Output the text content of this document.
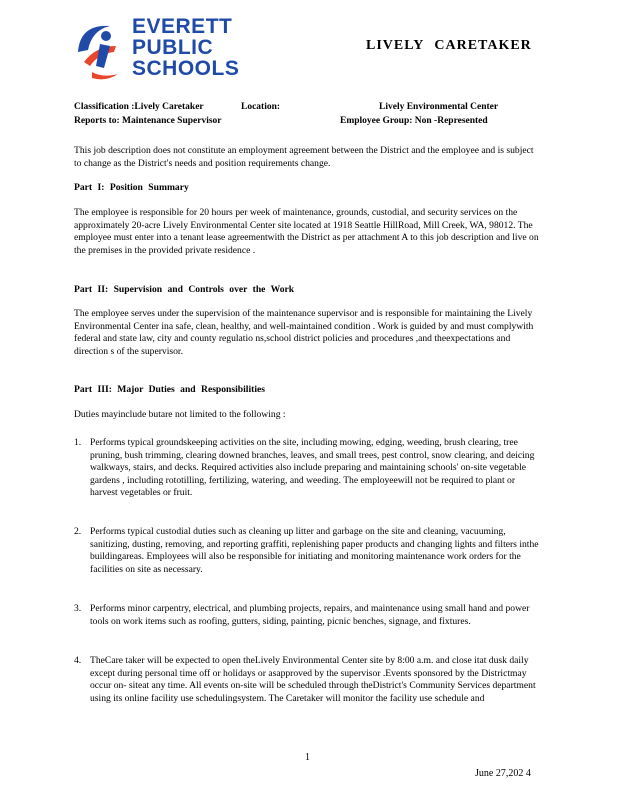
EVERETT
PUBLIC
SCHOOLS
LIVELY CARETAKER
Classification :Lively Caretaker	Location:	Lively Environmental Center
Reports to: Maintenance Supervisor	Employee Group: Non -Represented
This job description does not constitute an employment agreement between the District and the employee and is subject to change as the District's needs and position requirements change.
Part I: Position Summary
The employee is responsible for 20 hours per week of maintenance, grounds, custodial, and security services on the approximately 20-acre Lively Environmental Center site located at 1918 Seattle HillRoad, Mill Creek, WA, 98012. The employee must enter into a tenant lease agreementwith the District as per attachment A to this job description and live on the premises in the provided private residence .
Part II: Supervision and Controls over the Work
The employee serves under the supervision of the maintenance supervisor and is responsible for maintaining the Lively Environmental Center ina safe, clean, healthy, and well-maintained condition . Work is guided by and must complywith federal and state law, city and county regulatio ns,school district policies and procedures ,and theexpectations and direction s of the supervisor.
Part III: Major Duties and Responsibilities
Duties mayinclude butare not limited to the following :
1. Performs typical groundskeeping activities on the site, including mowing, edging, weeding, brush clearing, tree pruning, bush trimming, clearing downed branches, leaves, and small trees, pest control, snow clearing, and deicing walkways, stairs, and decks. Required activities also include preparing and maintaining schools' on-site vegetable gardens , including rototilling, fertilizing, watering, and weeding. The employeewill not be required to plant or harvest vegetables or fruit.
2. Performs typical custodial duties such as cleaning up litter and garbage on the site and cleaning, vacuuming, sanitizing, dusting, removing, and reporting graffiti, replenishing paper products and changing lights and filters inthe buildingareas. Employees will also be responsible for initiating and monitoring maintenance work orders for the facilities on site as necessary.
3. Performs minor carpentry, electrical, and plumbing projects, repairs, and maintenance using small hand and power tools on work items such as roofing, gutters, siding, painting, picnic benches, signage, and fixtures.
4. TheCare taker will be expected to open theLively Environmental Center site by 8:00 a.m. and close itat dusk daily except during personal time off or holidays or asapproved by the supervisor .Events sponsored by the Districtmay occur on- siteat any time. All events on-site will be scheduled through theDistrict's Community Services department using its online facility use schedulingsystem. The Caretaker will monitor the facility use schedule and
1
June 27,202 4
